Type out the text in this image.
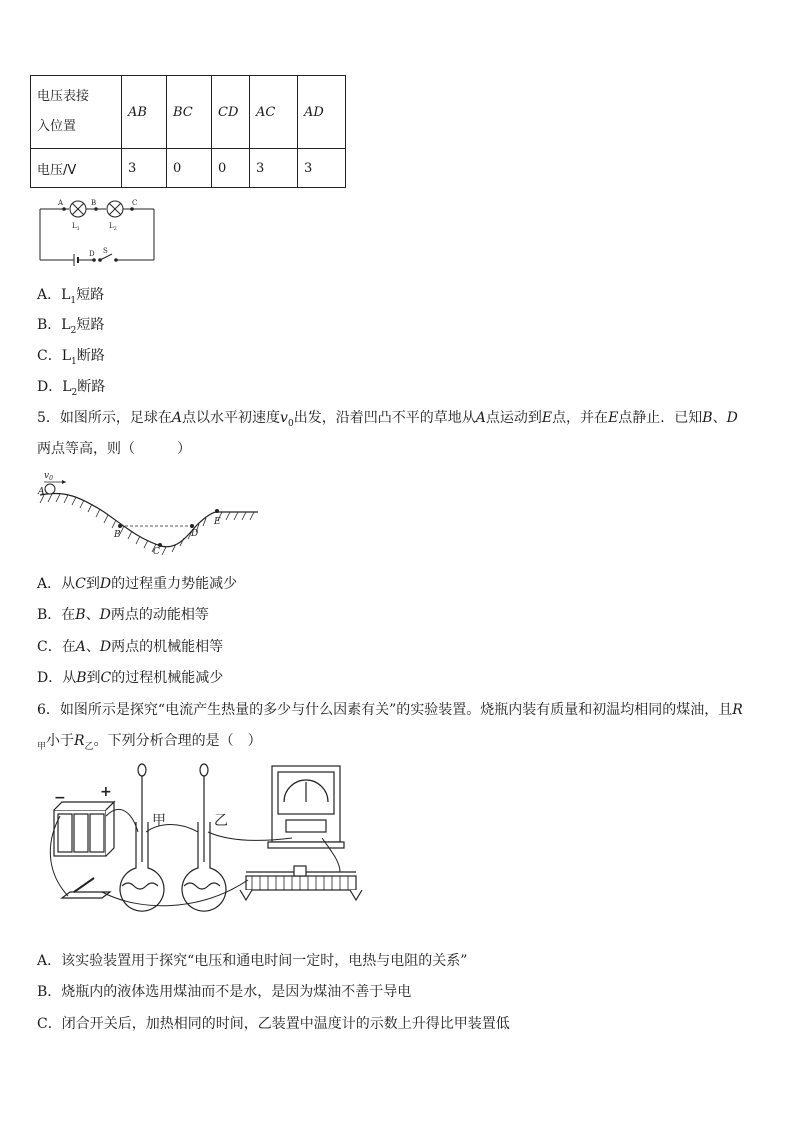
电压表接
入位置	AB	BC	CD	AC	AD
电压/V	3	0	0	3	3
A	B	C
D S
$L_1$	$L_2$
A．$L_1$短路
B．$L_2$短路
C．$L_1$断路
D．$L_2$断路
5．如图所示，足球在A点以水平初速度$v_0$出发，沿着凹凸不平的草地从A点运动到E点，并在E点静止．已知B、D
两点等高，则（　　　）
$v_0$
A
B
C
D
E
A．从C到D的过程重力势能减少
B．在B、D两点的动能相等
C．在A、D两点的机械能相等
D．从B到C的过程机械能减少
6．如图所示是探究“电流产生热量的多少与什么因素有关”的实验装置。烧瓶内装有质量和初温均相同的煤油，且R
$_甲$小于$R_乙$。下列分析合理的是（　）
− +
甲	乙
A．该实验装置用于探究“电压和通电时间一定时，电热与电阻的关系”
B．烧瓶内的液体选用煤油而不是水，是因为煤油不善于导电
C．闭合开关后，加热相同的时间，乙装置中温度计的示数上升得比甲装置低
